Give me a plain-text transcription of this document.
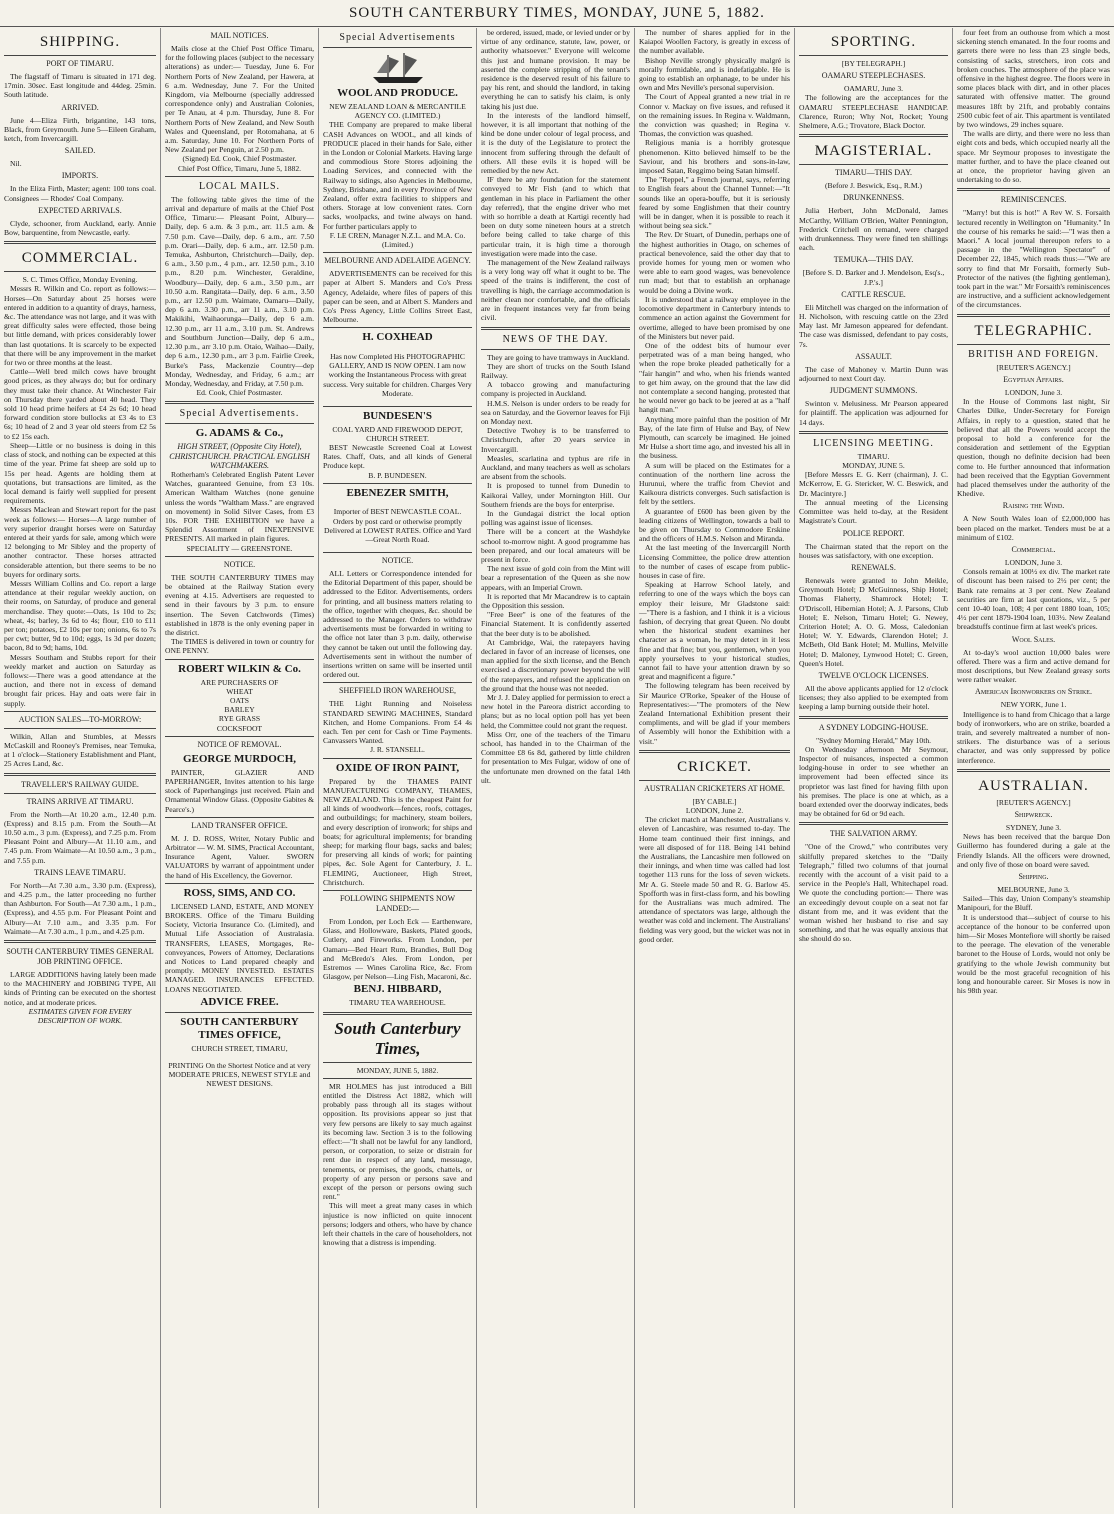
SOUTH CANTERBURY TIMES, MONDAY, JUNE 5, 1882.
SHIPPING.
PORT OF TIMARU.

The flagstaff of Timaru is situated in 171 deg. 17min. 30sec. East longitude and 44deg. 25min. South latitude.

ARRIVED.

June 4—Eliza Firth, brigantine, 143 tons, Black, from Greymouth. June 5—Eileen Graham, ketch, from Invercargill.

SAILED.

Nil.

IMPORTS.

In the Eliza Firth, Master; agent: 100 tons coal. Consignees — Rhodes' Coal Company.

EXPECTED ARRIVALS.

Clyde, schooner, from Auckland, early. Annie Bow, barquentine, from Newcastle, early.

COMMERCIAL.
S. C. Times Office, Monday Evening.

Messrs R. Wilkin and Co. report as follows:— Horses—On Saturday about 25 horses were entered in addition to a quantity of drays, harness, &c. The attendance was not large, and it was with great difficulty sales were effected, those being but little demand, with prices considerably lower than last quotations. It is scarcely to be expected that there will be any improvement in the market for two or three months at the least.

Cattle—Well bred milch cows have brought good prices, as they always do; but for ordinary they must take their chance. At Winchester Fair on Thursday there yarded about 40 head. They sold 10 head prime heifers at £4 2s 6d; 10 head forward condition store bullocks at £3 4s to £3 6s; 10 head of 2 and 3 year old steers from £2 5s to £2 15s each.

Sheep—Little or no business is doing in this class of stock, and nothing can be expected at this time of the year. Prime fat sheep are sold up to 15s per head. Agents are holding them at quotations, but transactions are limited, as the local demand is fairly well supplied for present requirements.

Messrs Maclean and Stewart report for the past week as follows:— Horses—A large number of very superior draught horses were on Saturday entered at their yards for sale, among which were 12 belonging to Mr Sibley and the property of another contractor. These horses attracted considerable attention, but there seems to be no buyers for ordinary sorts.

Messrs William Collins and Co. report a large attendance at their regular weekly auction, on their rooms, on Saturday, of produce and general merchandise. They quote:—Oats, 1s 10d to 2s; wheat, 4s; barley, 3s 6d to 4s; flour, £10 to £11 per ton; potatoes, £2 10s per ton; onions, 6s to 7s per cwt; butter, 9d to 10d; eggs, 1s 3d per dozen; bacon, 8d to 9d; hams, 10d.

Messrs Southam and Stubbs report for their weekly market and auction on Saturday as follows:—There was a good attendance at the auction, and there not in excess of demand brought fair prices. Hay and oats were fair in supply.

AUCTION SALES—TO-MORROW:

Wilkin, Allan and Stumbles, at Messrs McCaskill and Rooney's Premises, near Temuka, at 1 o'clock—Stationery Establishment and Plant, 25 Acres Land, &c.

TRAVELLER'S RAILWAY GUIDE.
TRAINS ARRIVE AT TIMARU.

From the North—At 10.20 a.m., 12.40 p.m. (Express) and 8.15 p.m. From the South—At 10.50 a.m., 3 p.m. (Express), and 7.25 p.m. From Pleasant Point and Albury—At 11.10 a.m., and 7.45 p.m. From Waimate—At 10.50 a.m., 3 p.m., and 7.55 p.m.

TRAINS LEAVE TIMARU.

For North—At 7.30 a.m., 3.30 p.m. (Express), and 4.25 p.m., the latter proceeding no further than Ashburton. For South—At 7.30 a.m., 1 p.m., (Express), and 4.55 p.m. For Pleasant Point and Albury—At 7.10 a.m., and 3.35 p.m. For Waimate—At 7.30 a.m., 1 p.m., and 4.25 p.m.

SOUTH CANTERBURY TIMES GENERAL JOB PRINTING OFFICE.

LARGE ADDITIONS having lately been made to the MACHINERY and JOBBING TYPE, All kinds of Printing can be executed on the shortest notice, and at moderate prices.

ESTIMATES GIVEN FOR EVERY DESCRIPTION OF WORK.
MAIL NOTICES.

Mails close at the Chief Post Office Timaru, for the following places (subject to the necessary alterations) as under:— Tuesday, June 6. For Northern Ports of New Zealand, per Hawera, at 6 a.m. Wednesday, June 7. For the United Kingdom, via Melbourne (specially addressed correspondence only) and Australian Colonies, per Te Anau, at 4 p.m. Thursday, June 8. For Northern Ports of New Zealand, and New South Wales and Queensland, per Rotomahana, at 6 a.m. Saturday, June 10. For Northern Ports of New Zealand per Penguin, at 2.50 p.m.

(Signed) Ed. Cook, Chief Postmaster.
Chief Post Office, Timaru, June 5, 1882.
LOCAL MAILS.

The following table gives the time of the arrival and departure of mails at the Chief Post Office, Timaru:— Pleasant Point, Albury—Daily, dep. 6 a.m. & 3 p.m., arr. 11.5 a.m. & 7.50 p.m. Cave—Daily, dep. 6 a.m., arr. 7.50 p.m. Orari—Daily, dep. 6 a.m., arr. 12.50 p.m. Temuka, Ashburton, Christchurch—Daily, dep. 6 a.m., 3.50 p.m., 4 p.m., arr. 12.50 p.m., 3.10 p.m., 8.20 p.m. Winchester, Geraldine, Woodbury—Daily, dep. 6 a.m., 3.50 p.m., arr 10.50 a.m. Rangitata—Daily, dep. 6 a.m., 3.50 p.m., arr 12.50 p.m. Waimate, Oamaru—Daily, dep 6 a.m. 3.30 p.m., arr 11 a.m., 3.10 p.m. Makikihi, Waihaorunga—Daily, dep 6 a.m. 12.30 p.m., arr 11 a.m., 3.10 p.m. St. Andrews and Southburn Junction—Daily, dep 6 a.m., 12.30 p.m., arr 3.10 p.m. Otaio, Waihao—Daily, dep 6 a.m., 12.30 p.m., arr 3 p.m. Fairlie Creek, Burke's Pass, Mackenzie Country—dep Monday, Wednesday, and Friday, 6 a.m.; arr Monday, Wednesday, and Friday, at 7.50 p.m.

Ed. Cook, Chief Postmaster.
Special Advertisements.
G. ADAMS & Co.,
HIGH STREET, (Opposite City Hotel), CHRISTCHURCH. PRACTICAL ENGLISH WATCHMAKERS.

Rotherham's Celebrated English Patent Lever Watches, guaranteed Genuine, from £3 10s. American Waltham Watches (none genuine unless the words "Waltham Mass." are engraved on movement) in Solid Silver Cases, from £3 10s. FOR THE EXHIBITION we have a Splendid Assortment of INEXPENSIVE PRESENTS. All marked in plain figures.

SPECIALITY — GREENSTONE.
NOTICE.

THE SOUTH CANTERBURY TIMES may be obtained at the Railway Station every evening at 4.15. Advertisers are requested to send in their favours by 3 p.m. to ensure insertion. The Seven Catchwords (Times) established in 1878 is the only evening paper in the district.

The TIMES is delivered in town or country for ONE PENNY.

ROBERT WILKIN & Co.
ARE PURCHASERS OF
WHEAT
OATS
BARLEY
RYE GRASS
COCKSFOOT
NOTICE OF REMOVAL.
GEORGE MURDOCH,

PAINTER, GLAZIER AND PAPERHANGER, Invites attention to his large stock of Paperhangings just received. Plain and Ornamental Window Glass. (Opposite Gabites & Pearce's.)

LAND TRANSFER OFFICE.

M. J. D. ROSS, Writer, Notary Public and Arbitrator — W. M. SIMS, Practical Accountant, Insurance Agent, Valuer. SWORN VALUATORS by warrant of appointment under the hand of His Excellency, the Governor.

ROSS, SIMS, AND CO.

LICENSED LAND, ESTATE, AND MONEY BROKERS. Office of the Timaru Building Society, Victoria Insurance Co. (Limited), and Mutual Life Association of Australasia. TRANSFERS, LEASES, Mortgages, Re-conveyances, Powers of Attorney, Declarations and Notices to Land prepared cheaply and promptly. MONEY INVESTED. ESTATES MANAGED. INSURANCES EFFECTED. LOANS NEGOTIATED.

ADVICE FREE.
SOUTH CANTERBURY TIMES OFFICE,
CHURCH STREET, TIMARU,

PRINTING On the Shortest Notice and at very MODERATE PRICES, NEWEST STYLE and NEWEST DESIGNS.

Special Advertisements
WOOL AND PRODUCE.
NEW ZEALAND LOAN & MERCANTILE AGENCY CO. (LIMITED.)

THE Company are prepared to make liberal CASH Advances on WOOL, and all kinds of PRODUCE placed in their hands for Sale, either in the London or Colonial Markets. Having large and commodious Store Stores adjoining the Loading Services, and connected with the Railway to sidings, also Agencies in Melbourne, Sydney, Brisbane, and in every Province of New Zealand, offer extra facilities to shippers and others. Storage at low convenient rates. Corn sacks, woolpacks, and twine always on hand. For further particulars apply to

F. LE CREN, Manager N.Z.L. and M.A. Co. (Limited.)
MELBOURNE AND ADELAIDE AGENCY.

ADVERTISEMENTS can be received for this paper at Albert S. Manders and Co's Press Agency, Adelaide, where files of papers of this paper can be seen, and at Albert S. Manders and Co's Press Agency, Little Collins Street East, Melbourne.

H. COXHEAD

Has now Completed His PHOTOGRAPHIC GALLERY, AND IS NOW OPEN. I am now working the Instantaneous Process with great success. Very suitable for children. Charges Very Moderate.

BUNDESEN'S
COAL YARD AND FIREWOOD DEPOT, CHURCH STREET.

BEST Newcastle Screened Coal at Lowest Rates. Chaff, Oats, and all kinds of General Produce kept.

B. P. BUNDESEN.
EBENEZER SMITH,

Importer of BEST NEWCASTLE COAL. Orders by post card or otherwise promptly Delivered at LOWEST RATES. Office and Yard—Great North Road.

NOTICE.

ALL Letters or Correspondence intended for the Editorial Department of this paper, should be addressed to the Editor. Advertisements, orders for printing, and all business matters relating to the office, together with cheques, &c. should be addressed to the Manager. Orders to withdraw advertisements must be forwarded in writing to the office not later than 3 p.m. daily, otherwise they cannot be taken out until the following day. Advertisements sent in without the number of insertions written on same will be inserted until ordered out.

SHEFFIELD IRON WAREHOUSE,

THE Light Running and Noiseless STANDARD SEWING MACHINES, Standard Kitchen, and Home Companions. From £4 4s each. Ten per cent for Cash or Time Payments. Canvassers Wanted.

J. R. STANSELL.
OXIDE OF IRON PAINT,

Prepared by the THAMES PAINT MANUFACTURING COMPANY, THAMES, NEW ZEALAND. This is the cheapest Paint for all kinds of woodwork—fences, roofs, cottages, and outbuildings; for machinery, steam boilers, and every description of ironwork; for ships and boats; for agricultural implements; for branding sheep; for marking flour bags, sacks and bales; for preserving all kinds of work; for painting pipes, &c. Sole Agent for Canterbury, J. L. FLEMING, Auctioneer, High Street, Christchurch.

FOLLOWING SHIPMENTS NOW LANDED:—

From London, per Loch Eck — Earthenware, Glass, and Hollowware, Baskets, Plated goods, Cutlery, and Fireworks. From London, per Oamaru—Bed Heart Rum, Brandies, Bull Dog and McBredo's Ales. From London, per Estremos — Wines Carolina Rice, &c. From Glasgow, per Nelson—Ling Fish, Macaroni, &c.

BENJ. HIBBARD,
TIMARU TEA WAREHOUSE.
South Canterbury Times,
MONDAY, JUNE 5, 1882.

MR HOLMES has just introduced a Bill entitled the Distress Act 1882, which will probably pass through all its stages without opposition. Its provisions appear so just that very few persons are likely to say much against its becoming law. Section 3 is to the following effect:—"It shall not be lawful for any landlord, person, or corporation, to seize or distrain for rent due in respect of any land, messuage, tenements, or premises, the goods, chattels, or property of any person or persons save and except of the person or persons owing such rent."

This will meet a great many cases in which injustice is now inflicted on quite innocent persons; lodgers and others, who have by chance left their chattels in the care of householders, not knowing that a distress is impending.

be ordered, issued, made, or levied under or by virtue of any ordinance, statute, law, power, or authority whatsoever." Everyone will welcome this just and humane provision. It may be asserted the complete stripping of the tenant's residence is the deserved result of his failure to pay his rent, and should the landlord, in taking everything he can to satisfy his claim, is only taking his just due.

In the interests of the landlord himself, however, it is all important that nothing of the kind be done under colour of legal process, and it is the duty of the Legislature to protect the innocent from suffering through the default of others. All these evils it is hoped will be remedied by the new Act.

IF there be any foundation for the statement conveyed to Mr Fish (and to which that gentleman in his place in Parliament the other day referred), that the engine driver who met with so horrible a death at Kartigi recently had been on duty some nineteen hours at a stretch before being called to take charge of this particular train, it is high time a thorough investigation were made into the case.

The management of the New Zealand railways is a very long way off what it ought to be. The speed of the trains is indifferent, the cost of travelling is high, the carriage accommodation is neither clean nor comfortable, and the officials are in frequent instances very far from being civil.

NEWS OF THE DAY.

They are going to have tramways in Auckland.

They are short of trucks on the South Island Railway.

A tobacco growing and manufacturing company is projected in Auckland.

H.M.S. Nelson is under orders to be ready for sea on Saturday, and the Governor leaves for Fiji on Monday next.

Detective Twohey is to be transferred to Christchurch, after 20 years service in Invercargill.

Measles, scarlatina and typhus are rife in Auckland, and many teachers as well as scholars are absent from the schools.

It is proposed to tunnel from Dunedin to Kaikorai Valley, under Mornington Hill. Our Southern friends are the boys for enterprise.

In the Gundagai district the local option polling was against issue of licenses.

There will be a concert at the Washdyke school to-morrow night. A good programme has been prepared, and our local amateurs will be present in force.

The next issue of gold coin from the Mint will bear a representation of the Queen as she now appears, with an Imperial Crown.

It is reported that Mr Macandrew is to captain the Opposition this session.

"Free Beer" is one of the features of the Financial Statement. It is confidently asserted that the beer duty is to be abolished.

At Cambridge, Wai, the ratepayers having declared in favor of an increase of licenses, one man applied for the sixth license, and the Bench exercised a discretionary power beyond the will of the ratepayers, and refused the application on the ground that the house was not needed.

Mr J. J. Daley applied for permission to erect a new hotel in the Pareora district according to plans; but as no local option poll has yet been held, the Committee could not grant the request.

Miss Orr, one of the teachers of the Timaru school, has handed in to the Chairman of the Committee £8 6s 8d, gathered by little children for presentation to Mrs Fulgar, widow of one of the unfortunate men drowned on the fatal 14th ult.

The number of shares applied for in the Kaiapoi Woollen Factory, is greatly in excess of the number available.

Bishop Neville strongly physically malgré is morally formidable, and is indefatigable. He is going to establish an orphanage, to be under his own and Mrs Neville's personal supervision.

The Court of Appeal granted a new trial in re Connor v. Mackay on five issues, and refused it on the remaining issues. In Regina v. Waldmann, the conviction was quashed; in Regina v. Thomas, the conviction was quashed.

Religious mania is a horribly grotesque phenomenon. Kitto believed himself to be the Saviour, and his brothers and sons-in-law, imposed Satan, Reggimo being Satan himself.

The "Reppel," a French journal, says, referring to English fears about the Channel Tunnel:—"It sounds like an opera-bouffe, but it is seriously feared by some Englishmen that their country will be in danger, when it is possible to reach it without being sea sick."

The Rev. Dr Stuart, of Dunedin, perhaps one of the highest authorities in Otago, on schemes of practical benevolence, said the other day that to provide homes for young men or women who were able to earn good wages, was benevolence run mad; but that to establish an orphanage would be doing a Divine work.

It is understood that a railway employee in the locomotive department in Canterbury intends to commence an action against the Government for overtime, alleged to have been promised by one of the Ministers but never paid.

One of the oddest bits of humour ever perpetrated was of a man being hanged, who when the rope broke pleaded pathetically for a "fair hangin'" and who, when his friends wanted to get him away, on the ground that the law did not contemplate a second hanging, protested that he would never go back to be jeered at as a "half hangit man."

Anything more painful than the position of Mr Bay, of the late firm of Hulse and Bay, of New Plymouth, can scarcely be imagined. He joined Mr Hulse a short time ago, and invested his all in the business.

A sum will be placed on the Estimates for a continuation of the northern line across the Hurunui, where the traffic from Cheviot and Kaikoura districts converges. Such satisfaction is felt by the settlers.

A guarantee of £600 has been given by the leading citizens of Wellington, towards a ball to be given on Thursday to Commodore Erskine and the officers of H.M.S. Nelson and Miranda.

At the last meeting of the Invercargill North Licensing Committee, the police drew attention to the number of cases of escape from public-houses in case of fire.

Speaking at Harrow School lately, and referring to one of the ways which the boys can employ their leisure, Mr Gladstone said:—"There is a fashion, and I think it is a vicious fashion, of decrying that great Queen. No doubt when the historical student examines her character as a woman, he may detect in it less fine and that fine; but you, gentlemen, when you apply yourselves to your historical studies, cannot fail to have your attention drawn by so great and magnificent a figure."

The following telegram has been received by Sir Maurice O'Rorke, Speaker of the House of Representatives:—"The promoters of the New Zealand International Exhibition present their compliments, and will be glad if your members of Assembly will honor the Exhibition with a visit."

CRICKET.
AUSTRALIAN CRICKETERS AT HOME.
[BY CABLE.]
LONDON, June 2.

The cricket match at Manchester, Australians v. eleven of Lancashire, was resumed to-day. The Home team continued their first innings, and were all disposed of for 118. Being 141 behind the Australians, the Lancashire men followed on their innings, and when time was called had lost together 113 runs for the loss of seven wickets. Mr A. G. Steele made 50 and R. G. Barlow 45. Spofforth was in first-class form, and his bowling for the Australians was much admired. The attendance of spectators was large, although the weather was cold and inclement. The Australians' fielding was very good, but the wicket was not in good order.

SPORTING.
[BY TELEGRAPH.]
OAMARU STEEPLECHASES.
OAMARU, June 3.

The following are the acceptances for the OAMARU STEEPLECHASE HANDICAP. Clarence, Ruron; Why Not, Rocket; Young Shelmere, A.G.; Trovatore, Black Doctor.

MAGISTERIAL.
TIMARU—THIS DAY.
(Before J. Beswick, Esq., R.M.)
DRUNKENNESS.

Julia Herbert, John McDonald, James McCarthy, William O'Brien, Walter Pennington, Frederick Critchell on remand, were charged with drunkenness. They were fined ten shillings each.

TEMUKA—THIS DAY.
[Before S. D. Barker and J. Mendelson, Esq's., J.P.'s.]
CATTLE RESCUE.

Eli Mitchell was charged on the information of H. Nicholson, with rescuing cattle on the 23rd May last. Mr Jameson appeared for defendant. The case was dismissed, defendant to pay costs, 7s.

ASSAULT.

The case of Mahoney v. Martin Dunn was adjourned to next Court day.

JUDGMENT SUMMONS.

Swinton v. Melusiness. Mr Pearson appeared for plaintiff. The application was adjourned for 14 days.

LICENSING MEETING.
TIMARU.
MONDAY, JUNE 5.

[Before Messrs E. G. Kerr (chairman), J. C. McKerrow, E. G. Stericker, W. C. Beswick, and Dr. Macintyre.]

The annual meeting of the Licensing Committee was held to-day, at the Resident Magistrate's Court.

POLICE REPORT.

The Chairman stated that the report on the houses was satisfactory, with one exception.

RENEWALS.

Renewals were granted to John Meikle, Greymouth Hotel; D McGuinness, Ship Hotel; Thomas Flaherty, Shamrock Hotel; T. O'Driscoll, Hibernian Hotel; A. J. Parsons, Club Hotel; E. Nelson, Timaru Hotel; G. Newey, Criterion Hotel; A. O. G. Moss, Caledonian Hotel; W. Y. Edwards, Clarendon Hotel; J. McBeth, Old Bank Hotel; M. Mullins, Melville Hotel; D. Maloney, Lynwood Hotel; C. Green, Queen's Hotel.

TWELVE O'CLOCK LICENSES.

All the above applicants applied for 12 o'clock licenses; they also applied to be exempted from keeping a lamp burning outside their hotel.

A SYDNEY LODGING-HOUSE.
"Sydney Morning Herald," May 10th.

On Wednesday afternoon Mr Seymour, Inspector of nuisances, inspected a common lodging-house in order to see whether an improvement had been effected since its proprietor was last fined for having filth upon his premises. The place is one at which, as a board extended over the doorway indicates, beds may be obtained for 6d or 9d each.

THE SALVATION ARMY.

"One of the Crowd," who contributes very skilfully prepared sketches to the "Daily Telegraph," filled two columns of that journal recently with the account of a visit paid to a service in the People's Hall, Whitechapel road. We quote the concluding portion:— There was an exceedingly devout couple on a seat not far distant from me, and it was evident that the woman wished her husband to rise and say something, and that he was equally anxious that she should do so.

four feet from an outhouse from which a most sickening stench emanated. In the four rooms and garrets there were no less than 23 single beds, consisting of sacks, stretchers, iron cots and broken couches. The atmosphere of the place was offensive in the highest degree. The floors were in some places black with dirt, and in other places saturated with offensive matter. The ground measures 18ft by 21ft, and probably contains 2500 cubic feet of air. This apartment is ventilated by two windows, 29 inches square.

The walls are dirty, and there were no less than eight cots and beds, which occupied nearly all the space. Mr Seymour proposes to investigate the matter further, and to have the place cleaned out at once, the proprietor having given an undertaking to do so.

REMINISCENCES.

"Marry! but this is hot!" A Rev W. S. Forsaith lectured recently in Wellington on "Humanity." In the course of his remarks he said:—"I was then a Maori." A local journal thereupon refers to a passage in the "Wellington Spectator" of December 22, 1845, which reads thus:—"We are sorry to find that Mr Forsaith, formerly Sub-Protector of the natives (the fighting gentleman), took part in the war." Mr Forsaith's reminiscences are instructive, and a sufficient acknowledgement of the circumstances.

TELEGRAPHIC.
BRITISH AND FOREIGN.
[REUTER'S AGENCY.]
Egyptian Affairs.
LONDON, June 3.

In the House of Commons last night, Sir Charles Dilke, Under-Secretary for Foreign Affairs, in reply to a question, stated that he believed that all the Powers would accept the proposal to hold a conference for the consideration and settlement of the Egyptian question, though no definite decision had been come to. He further announced that information had been received that the Egyptian Government had placed themselves under the authority of the Khedive.

Raising the Wind.

A New South Wales loan of £2,000,000 has been placed on the market. Tenders must be at a minimum of £102.

Commercial.
LONDON, June 3.

Consols remain at 100½ ex div. The market rate of discount has been raised to 2½ per cent; the Bank rate remains at 3 per cent. New Zealand securities are firm at last quotations, viz., 5 per cent 10-40 loan, 108; 4 per cent 1880 loan, 105; 4½ per cent 1879-1904 loan, 103½. New Zealand breadstuffs continue firm at last week's prices.

Wool Sales.

At to-day's wool auction 10,000 bales were offered. There was a firm and active demand for most descriptions, but New Zealand greasy sorts were rather weaker.

American Ironworkers on Strike.
NEW YORK, June 1.

Intelligence is to hand from Chicago that a large body of ironworkers, who are on strike, boarded a train, and severely maltreated a number of non-strikers. The disturbance was of a serious character, and was only suppressed by police interference.

AUSTRALIAN.
[REUTER'S AGENCY.]
Shipwreck.
SYDNEY, June 3.

News has been received that the barque Don Guillermo has foundered during a gale at the Friendly Islands. All the officers were drowned, and only five of those on board were saved.

Shipping.
MELBOURNE, June 3.

Sailed—This day, Union Company's steamship Manipouri, for the Bluff.

It is understood that—subject of course to his acceptance of the honour to be conferred upon him—Sir Moses Montefiore will shortly be raised to the peerage. The elevation of the venerable baronet to the House of Lords, would not only be gratifying to the whole Jewish community but would be the most graceful recognition of his long and honourable career. Sir Moses is now in his 98th year.
